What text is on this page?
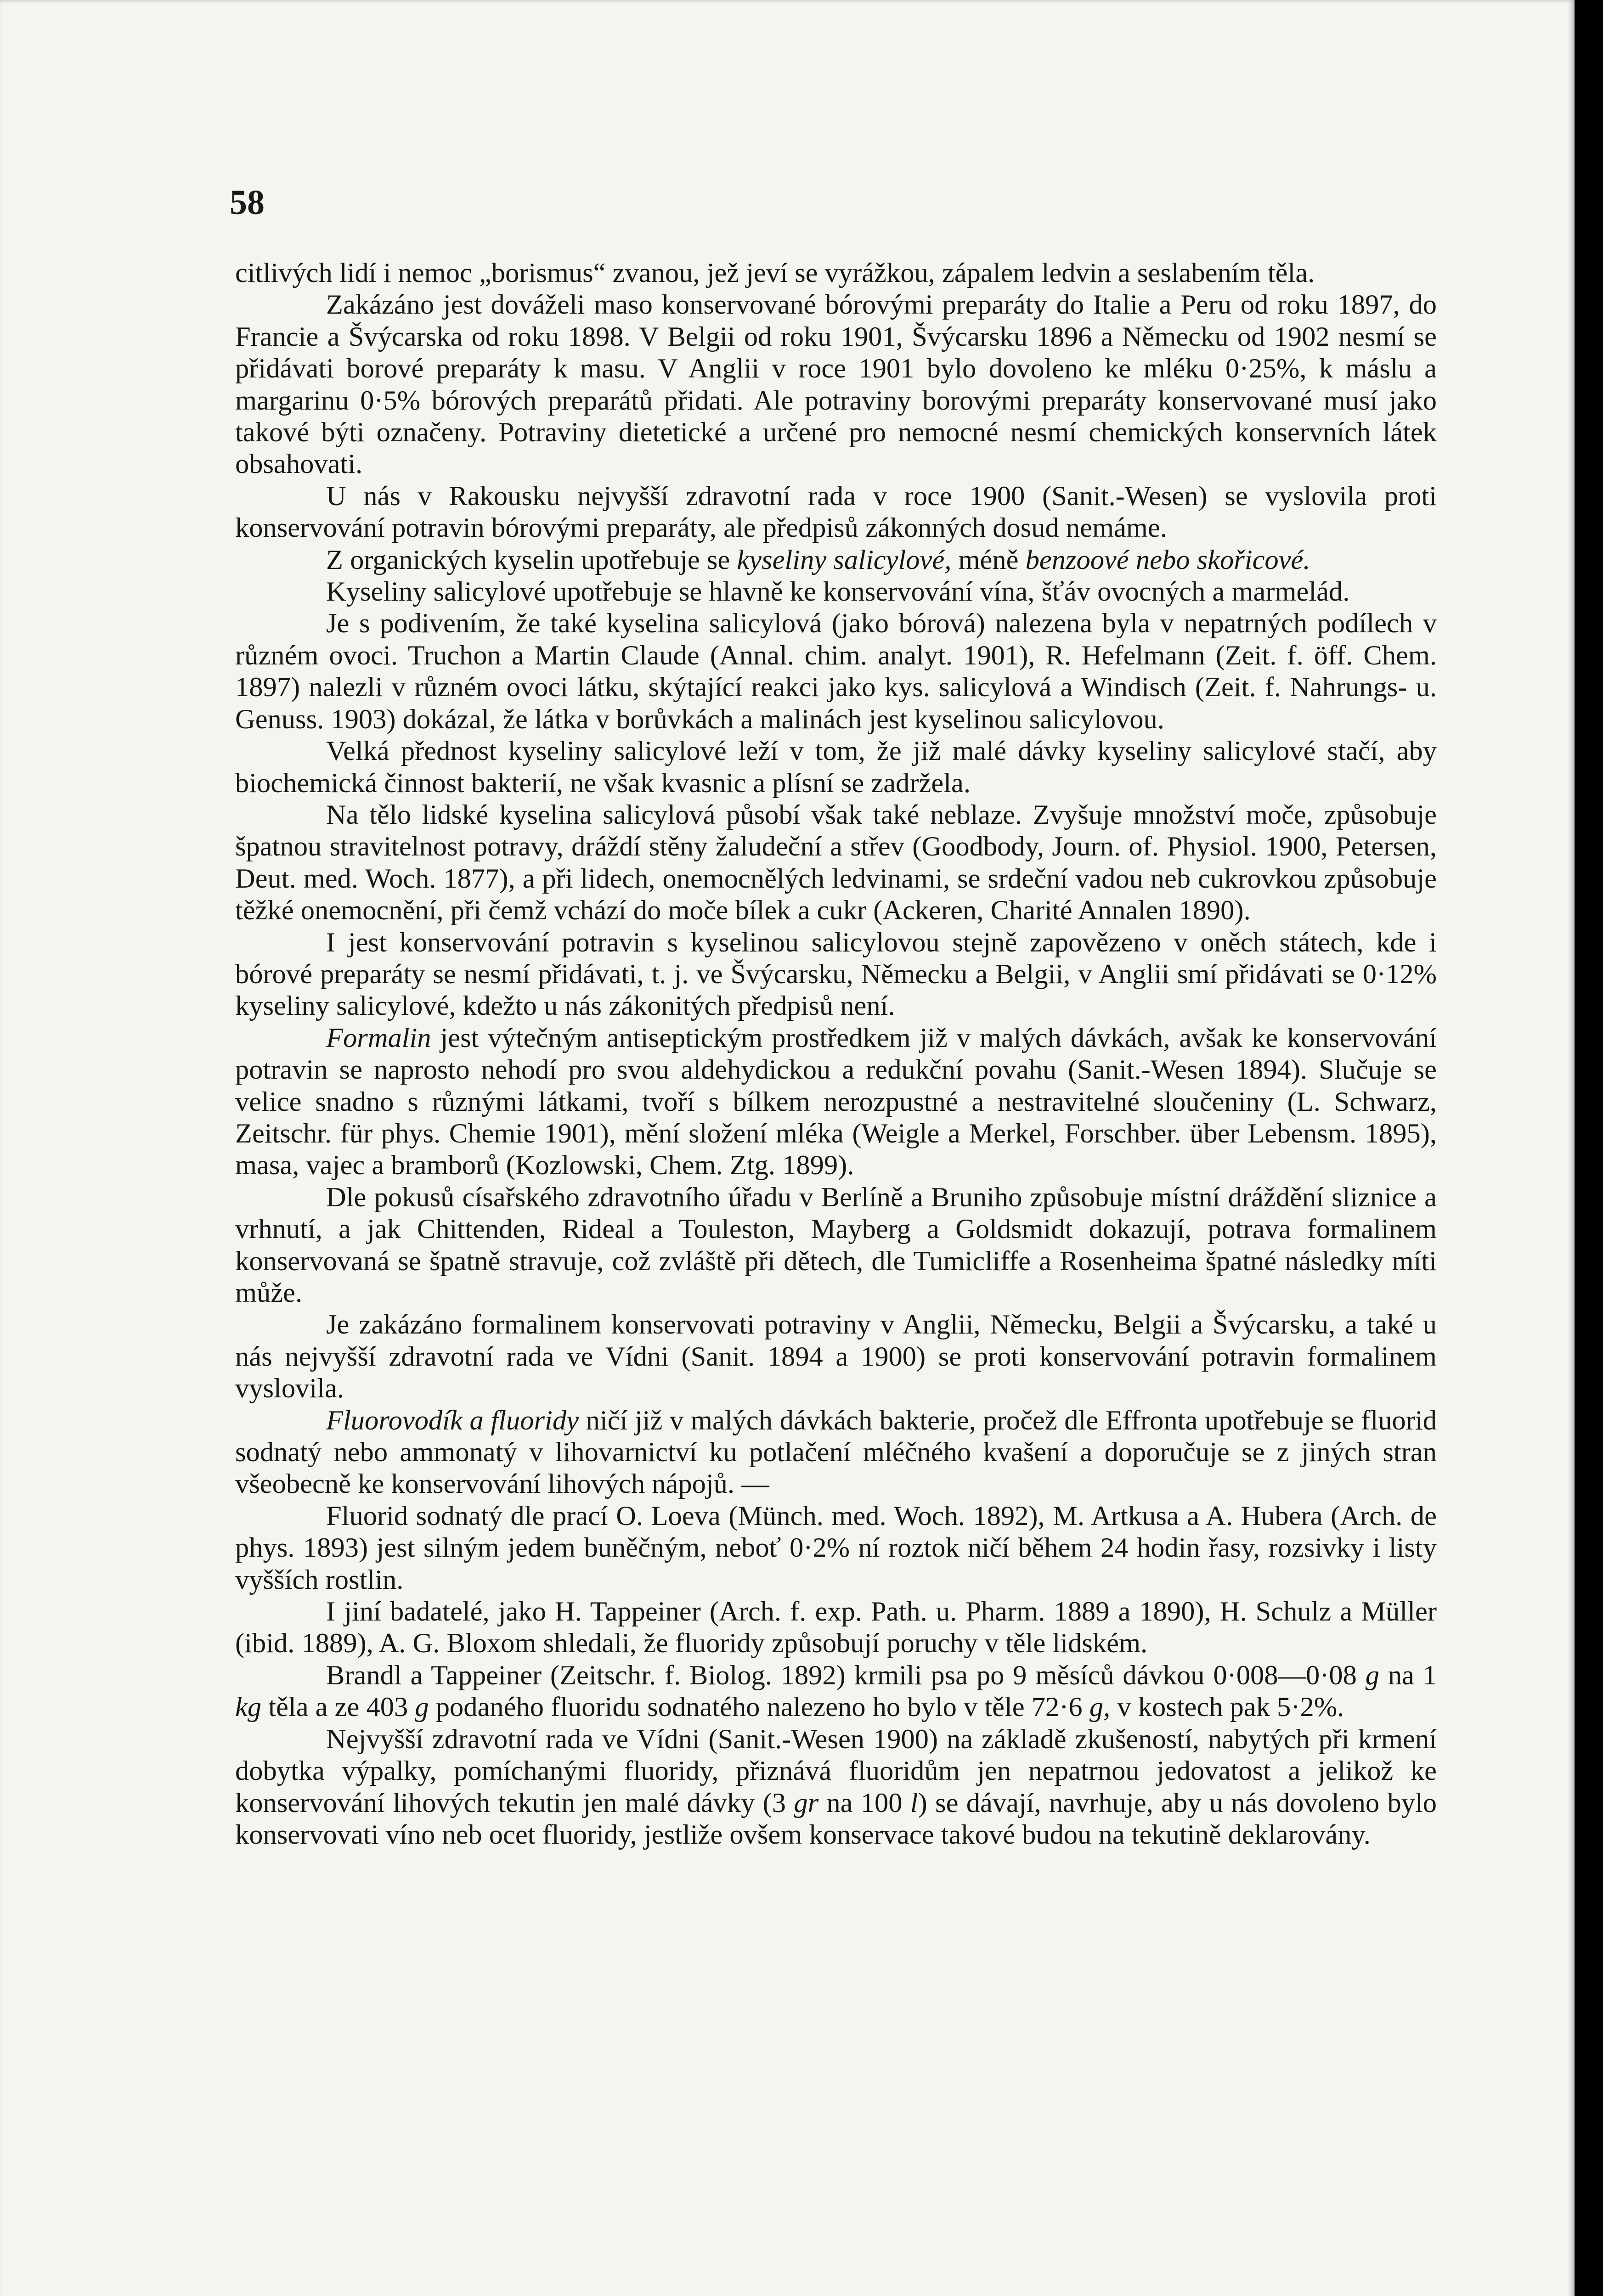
58

citlivých lidí i nemoc „borismus“ zvanou, jež jeví se vyrážkou, zápalem ledvin a seslabením těla.

Zakázáno jest dováželi maso konservované bórovými preparáty do Italie a Peru od roku 1897, do Francie a Švýcarska od roku 1898. V Belgii od roku 1901, Švýcarsku 1896 a Německu od 1902 nesmí se přidávati borové preparáty k masu. V Anglii v roce 1901 bylo dovoleno ke mléku 0·25%, k máslu a margarinu 0·5% bórových preparátů přidati. Ale potraviny borovými preparáty konservované musí jako takové býti označeny. Potraviny dietetické a určené pro nemocné nesmí chemických konservních látek obsahovati.

U nás v Rakousku nejvyšší zdravotní rada v roce 1900 (Sanit.-Wesen) se vyslovila proti konservování potravin bórovými preparáty, ale předpisů zákonných dosud nemáme.

Z organických kyselin upotřebuje se kyseliny salicylové, méně benzoové nebo skořicové.

Kyseliny salicylové upotřebuje se hlavně ke konservování vína, šťáv ovocných a marmelád.

Je s podivením, že také kyselina salicylová (jako bórová) nalezena byla v nepatrných podílech v různém ovoci. Truchon a Martin Claude (Annal. chim. analyt. 1901), R. Hefelmann (Zeit. f. öff. Chem. 1897) nalezli v různém ovoci látku, skýtající reakci jako kys. salicylová a Windisch (Zeit. f. Nahrungs- u. Genuss. 1903) dokázal, že látka v borůvkách a malinách jest kyselinou salicylovou.

Velká přednost kyseliny salicylové leží v tom, že již malé dávky kyseliny salicylové stačí, aby biochemická činnost bakterií, ne však kvasnic a plísní se zadržela.

Na tělo lidské kyselina salicylová působí však také neblaze. Zvyšuje množství moče, způsobuje špatnou stravitelnost potravy, dráždí stěny žaludeční a střev (Goodbody, Journ. of. Physiol. 1900, Petersen, Deut. med. Woch. 1877), a při lidech, onemocnělých ledvinami, se srdeční vadou neb cukrovkou způsobuje těžké onemocnění, při čemž vchází do moče bílek a cukr (Ackeren, Charité Annalen 1890).

I jest konservování potravin s kyselinou salicylovou stejně zapovězeno v oněch státech, kde i bórové preparáty se nesmí přidávati, t. j. ve Švýcarsku, Německu a Belgii, v Anglii smí přidávati se 0·12% kyseliny salicylové, kdežto u nás zákonitých předpisů není.

Formalin jest výtečným antiseptickým prostředkem již v malých dávkách, avšak ke konservování potravin se naprosto nehodí pro svou aldehydickou a redukční povahu (Sanit.-Wesen 1894). Slučuje se velice snadno s různými látkami, tvoří s bílkem nerozpustné a nestravitelné sloučeniny (L. Schwarz, Zeitschr. für phys. Chemie 1901), mění složení mléka (Weigle a Merkel, Forschber. über Lebensm. 1895), masa, vajec a bramborů (Kozlowski, Chem. Ztg. 1899).

Dle pokusů císařského zdravotního úřadu v Berlíně a Bruniho způsobuje místní dráždění sliznice a vrhnutí, a jak Chittenden, Rideal a Touleston, Mayberg a Goldsmidt dokazují, potrava formalinem konservovaná se špatně stravuje, což zvláště při dětech, dle Tumicliffe a Rosenheima špatné následky míti může.

Je zakázáno formalinem konservovati potraviny v Anglii, Německu, Belgii a Švýcarsku, a také u nás nejvyšší zdravotní rada ve Vídni (Sanit. 1894 a 1900) se proti konservování potravin formalinem vyslovila.

Fluorovodík a fluoridy ničí již v malých dávkách bakterie, pročež dle Effronta upotřebuje se fluorid sodnatý nebo ammonatý v lihovarnictví ku potlačení mléčného kvašení a doporučuje se z jiných stran všeobecně ke konservování lihových nápojů. —

Fluorid sodnatý dle prací O. Loeva (Münch. med. Woch. 1892), M. Artkusa a A. Hubera (Arch. de phys. 1893) jest silným jedem buněčným, neboť 0·2% ní roztok ničí během 24 hodin řasy, rozsivky i listy vyšších rostlin.

I jiní badatelé, jako H. Tappeiner (Arch. f. exp. Path. u. Pharm. 1889 a 1890), H. Schulz a Müller (ibid. 1889), A. G. Bloxom shledali, že fluoridy způsobují poruchy v těle lidském.

Brandl a Tappeiner (Zeitschr. f. Biolog. 1892) krmili psa po 9 měsíců dávkou 0·008—0·08 g na 1 kg těla a ze 403 g podaného fluoridu sodnatého nalezeno ho bylo v těle 72·6 g, v kostech pak 5·2%.

Nejvyšší zdravotní rada ve Vídni (Sanit.-Wesen 1900) na základě zkušeností, nabytých při krmení dobytka výpalky, pomíchanými fluoridy, přiznává fluoridům jen nepatrnou jedovatost a jelikož ke konservování lihových tekutin jen malé dávky (3 gr na 100 l) se dávají, navrhuje, aby u nás dovoleno bylo konservovati víno neb ocet fluoridy, jestliže ovšem konservace takové budou na tekutině deklarovány.
